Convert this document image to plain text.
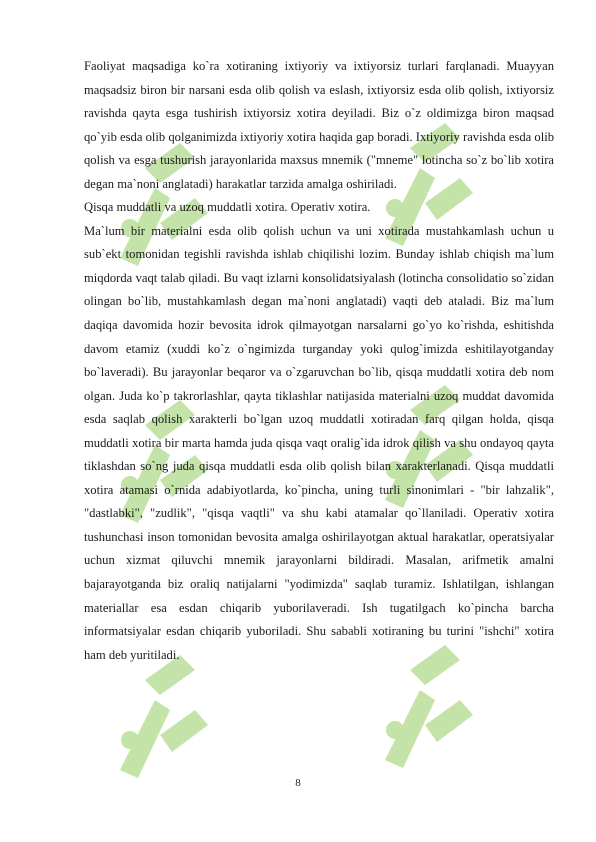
Faoliyat maqsadiga ko`ra xotiraning ixtiyoriy va ixtiyorsiz turlari farqlanadi. Muayyan maqsadsiz biron bir narsani esda olib qolish va eslash, ixtiyorsiz esda olib qolish, ixtiyorsiz ravishda qayta esga tushirish ixtiyorsiz xotira deyiladi. Biz o`z oldimizga biron maqsad qo`yib esda olib qolganimizda ixtiyoriy xotira haqida gap boradi. Ixtiyoriy ravishda esda olib qolish va esga tushurish jarayonlarida maxsus mnemik ("mneme" lotincha so`z bo`lib xotira degan ma`noni anglatadi) harakatlar tarzida amalga oshiriladi.

Qisqa muddatli va uzoq muddatli xotira. Operativ xotira.

Ma`lum bir materialni esda olib qolish uchun va uni xotirada mustahkamlash uchun u sub`ekt tomonidan tegishli ravishda ishlab chiqilishi lozim. Bunday ishlab chiqish ma`lum miqdorda vaqt talab qiladi. Bu vaqt izlarni konsolidatsiyalash (lotincha consolidatio so`zidan olingan bo`lib, mustahkamlash degan ma`noni anglatadi) vaqti deb ataladi. Biz ma`lum daqiqa davomida hozir bevosita idrok qilmayotgan narsalarni go`yo ko`rishda, eshitishda davom etamiz (xuddi ko`z o`ngimizda turganday yoki qulog`imizda eshitilayotganday bo`laveradi). Bu jarayonlar beqaror va o`zgaruvchan bo`lib, qisqa muddatli xotira deb nom olgan. Juda ko`p takrorlashlar, qayta tiklashlar natijasida materialni uzoq muddat davomida esda saqlab qolish xarakterli bo`lgan uzoq muddatli xotiradan farq qilgan holda, qisqa muddatli xotira bir marta hamda juda qisqa vaqt oralig`ida idrok qilish va shu ondayoq qayta tiklashdan so`ng juda qisqa muddatli esda olib qolish bilan xarakterlanadi. Qisqa muddatli xotira atamasi o`rnida adabiyotlarda, ko`pincha, uning turli sinonimlari - "bir lahzalik", "dastlabki", "zudlik", "qisqa vaqtli" va shu kabi atamalar qo`llaniladi. Operativ xotira tushunchasi inson tomonidan bevosita amalga oshirilayotgan aktual harakatlar, operatsiyalar uchun xizmat qiluvchi mnemik jarayonlarni bildiradi. Masalan, arifmetik amalni bajarayotganda biz oraliq natijalarni "yodimizda" saqlab turamiz. Ishlatilgan, ishlangan materiallar esa esdan chiqarib yuborilaveradi. Ish tugatilgach ko`pincha barcha informatsiyalar esdan chiqarib yuboriladi. Shu sababli xotiraning bu turini "ishchi" xotira ham deb yuritiladi.

8
